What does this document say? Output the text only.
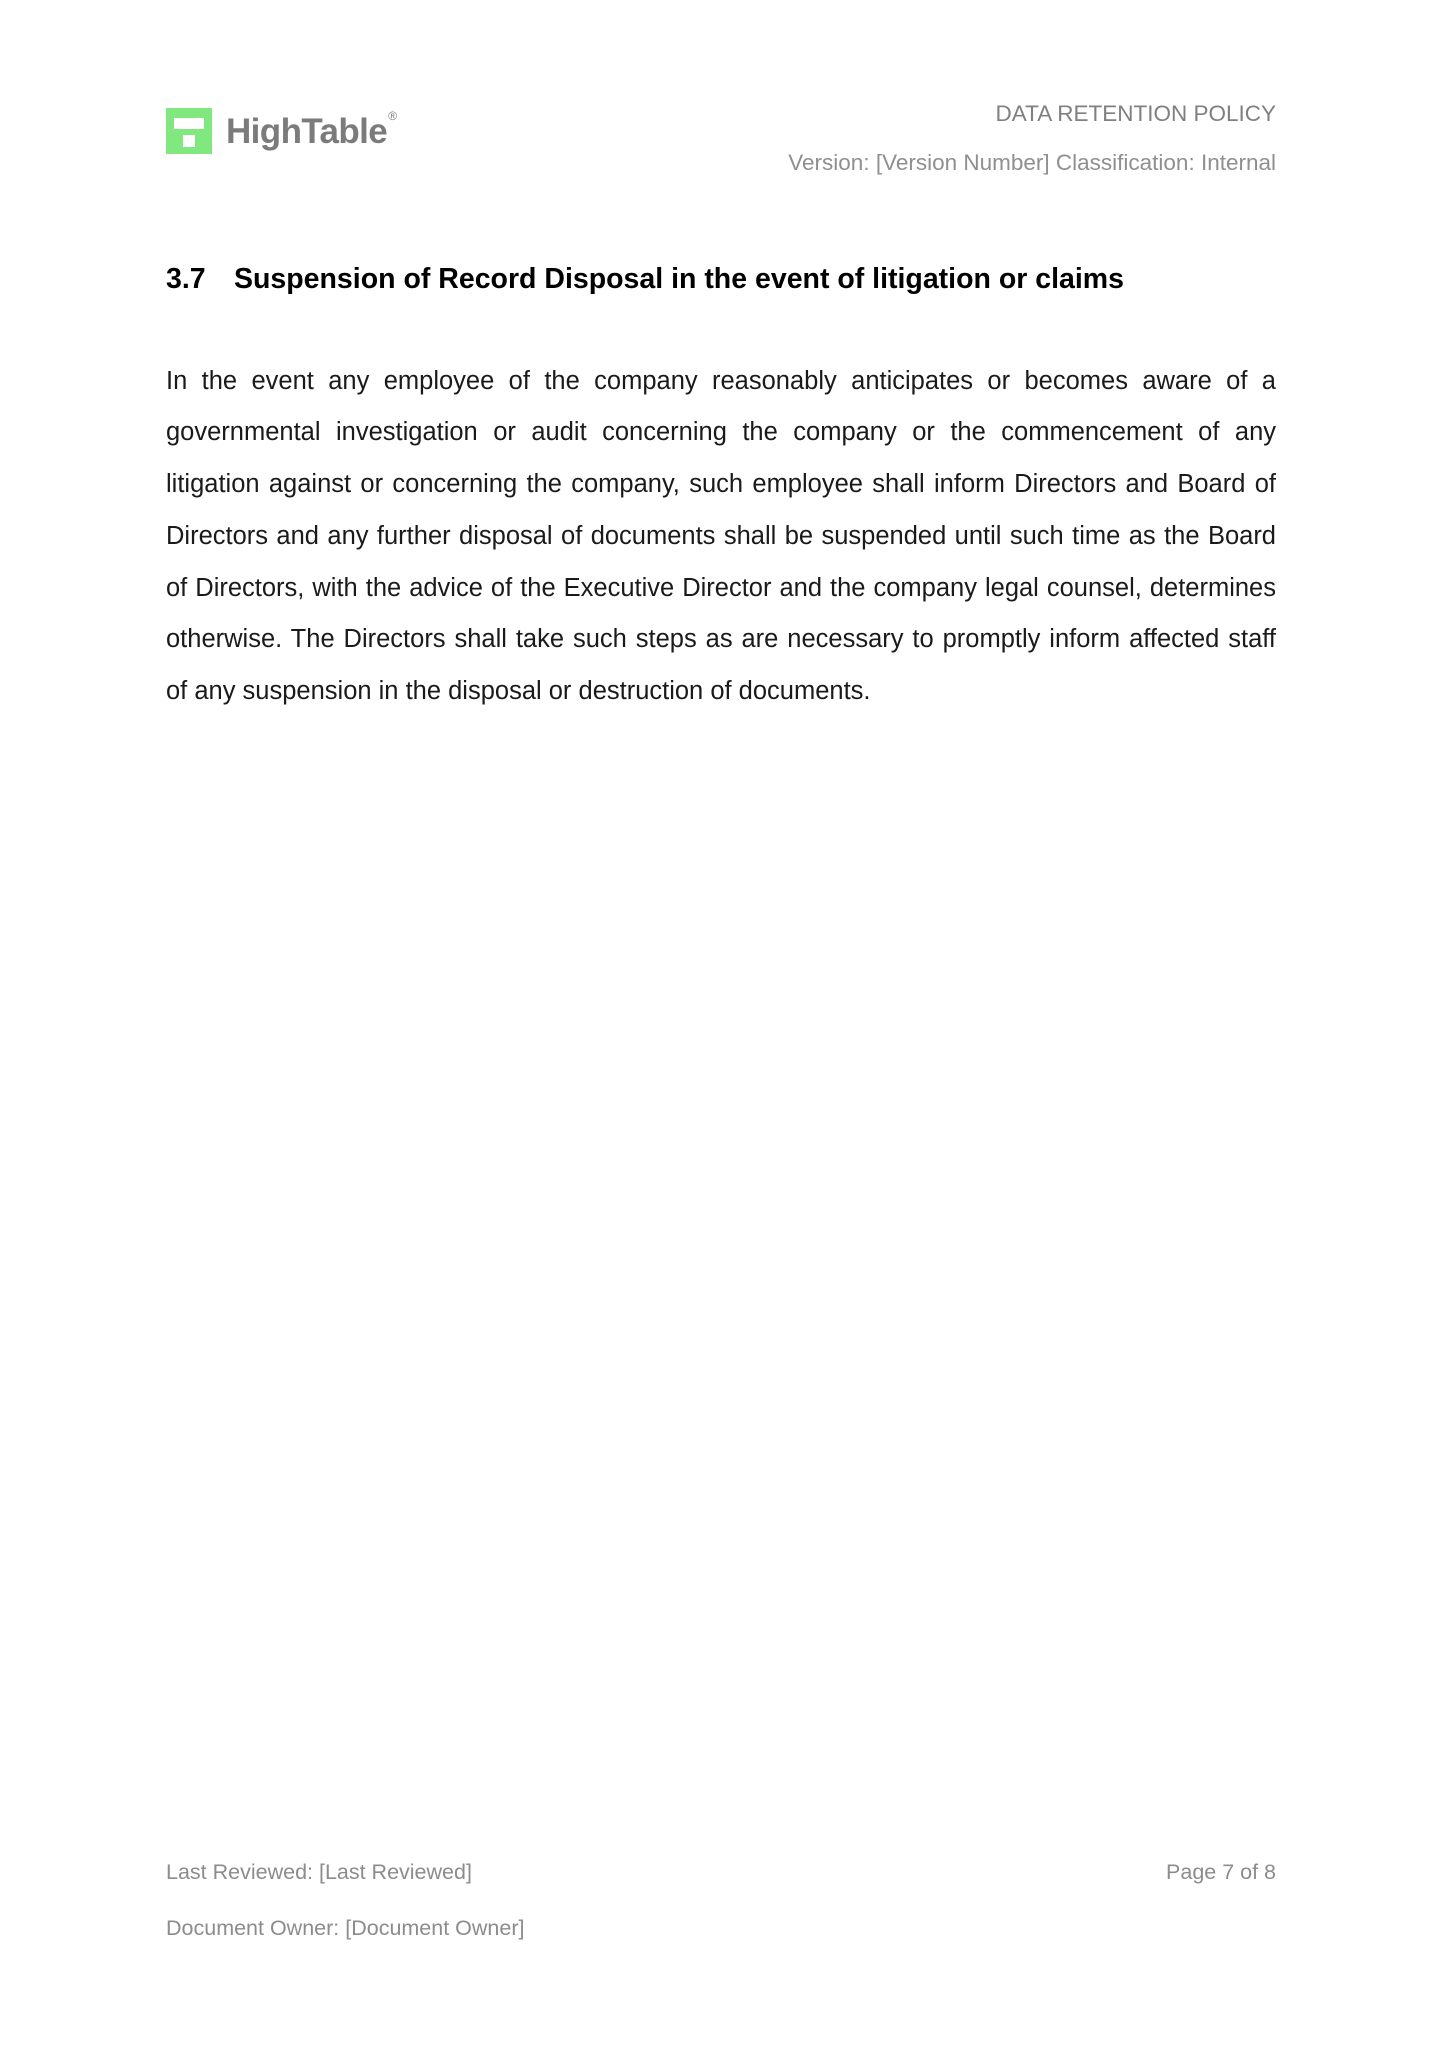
HighTable®	DATA RETENTION POLICY
Version: [Version Number] Classification: Internal
3.7 Suspension of Record Disposal in the event of litigation or claims

In the event any employee of the company reasonably anticipates or becomes aware of a governmental investigation or audit concerning the company or the commencement of any litigation against or concerning the company, such employee shall inform Directors and Board of Directors and any further disposal of documents shall be suspended until such time as the Board of Directors, with the advice of the Executive Director and the company legal counsel, determines otherwise. The Directors shall take such steps as are necessary to promptly inform affected staff of any suspension in the disposal or destruction of documents.

Last Reviewed: [Last Reviewed]	Page 7 of 8
Document Owner: [Document Owner]
